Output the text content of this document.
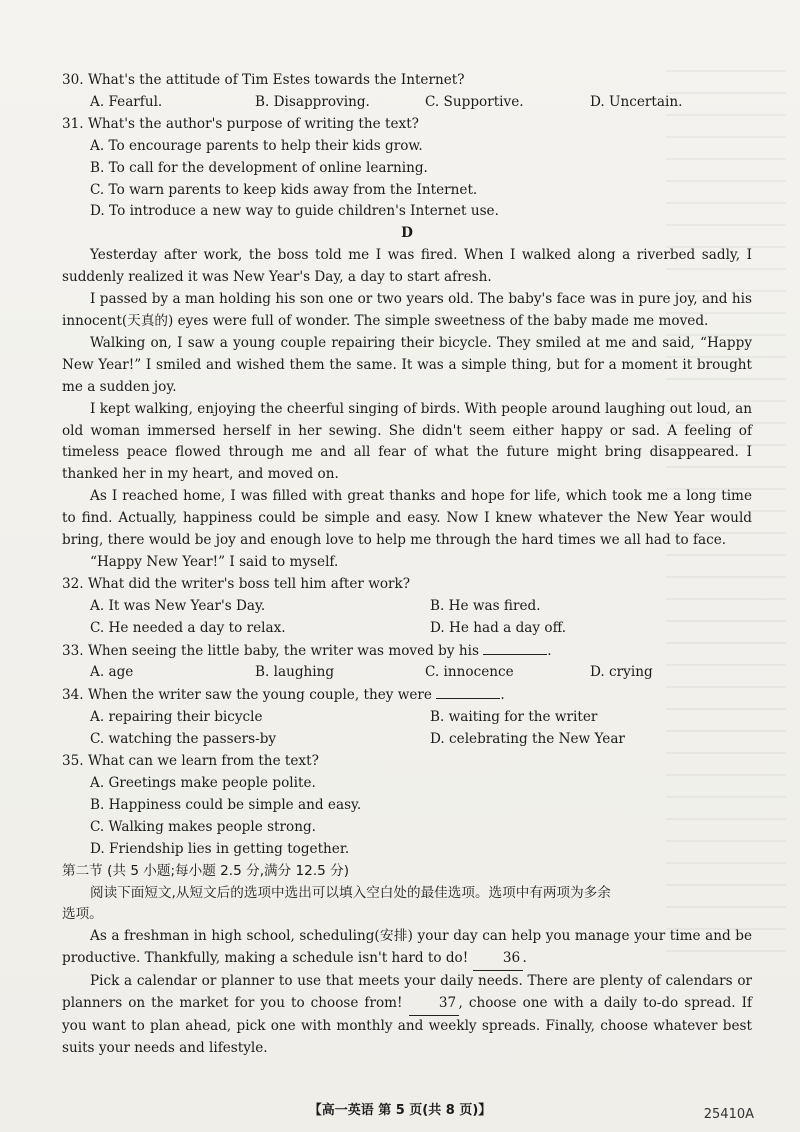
30. What's the attitude of Tim Estes towards the Internet?

A. Fearful.	B. Disapproving.	C. Supportive.	D. Uncertain.

31. What's the author's purpose of writing the text?

A. To encourage parents to help their kids grow.

B. To call for the development of online learning.

C. To warn parents to keep kids away from the Internet.

D. To introduce a new way to guide children's Internet use.

D

Yesterday after work, the boss told me I was fired. When I walked along a riverbed sadly, I suddenly realized it was New Year's Day, a day to start afresh.

I passed by a man holding his son one or two years old. The baby's face was in pure joy, and his innocent(天真的) eyes were full of wonder. The simple sweetness of the baby made me moved.

Walking on, I saw a young couple repairing their bicycle. They smiled at me and said, “Happy New Year!” I smiled and wished them the same. It was a simple thing, but for a moment it brought me a sudden joy.

I kept walking, enjoying the cheerful singing of birds. With people around laughing out loud, an old woman immersed herself in her sewing. She didn't seem either happy or sad. A feeling of timeless peace flowed through me and all fear of what the future might bring disappeared. I thanked her in my heart, and moved on.

As I reached home, I was filled with great thanks and hope for life, which took me a long time to find. Actually, happiness could be simple and easy. Now I knew whatever the New Year would bring, there would be joy and enough love to help me through the hard times we all had to face.

“Happy New Year!” I said to myself.

32. What did the writer's boss tell him after work?

A. It was New Year's Day.	B. He was fired.
C. He needed a day to relax.	D. He had a day off.

33. When seeing the little baby, the writer was moved by his	.

A. age	B. laughing	C. innocence	D. crying

34. When the writer saw the young couple, they were	.

A. repairing their bicycle	B. waiting for the writer
C. watching the passers-by	D. celebrating the New Year

35. What can we learn from the text?

A. Greetings make people polite.

B. Happiness could be simple and easy.

C. Walking makes people strong.

D. Friendship lies in getting together.

第二节 (共 5 小题;每小题 2.5 分,满分 12.5 分)

阅读下面短文,从短文后的选项中选出可以填入空白处的最佳选项。选项中有两项为多余

选项。

As a freshman in high school, scheduling(安排) your day can help you manage your time and be productive. Thankfully, making a schedule isn't hard to do!	36 .

Pick a calendar or planner to use that meets your daily needs. There are plenty of calendars or planners on the market for you to choose from!	37 , choose one with a daily to-do spread. If you want to plan ahead, pick one with monthly and weekly spreads. Finally, choose whatever best suits your needs and lifestyle.

【高一英语 第 5 页(共 8 页)】	25410A
